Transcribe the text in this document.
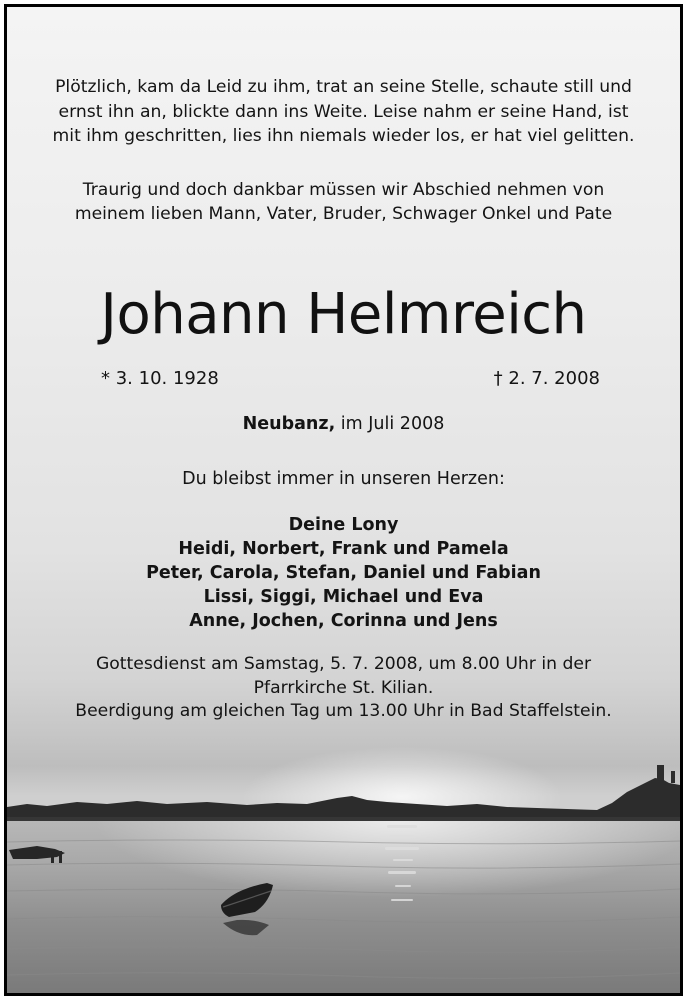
Plötzlich, kam da Leid zu ihm, trat an seine Stelle, schaute still und
ernst ihn an, blickte dann ins Weite. Leise nahm er seine Hand, ist
mit ihm geschritten, lies ihn niemals wieder los, er hat viel gelitten.
Traurig und doch dankbar müssen wir Abschied nehmen von
meinem lieben Mann, Vater, Bruder, Schwager Onkel und Pate
Johann Helmreich
* 3. 10. 1928	† 2. 7. 2008
Neubanz, im Juli 2008
Du bleibst immer in unseren Herzen:
Deine Lony
Heidi, Norbert, Frank und Pamela
Peter, Carola, Stefan, Daniel und Fabian
Lissi, Siggi, Michael und Eva
Anne, Jochen, Corinna und Jens
Gottesdienst am Samstag, 5. 7. 2008, um 8.00 Uhr in der
Pfarrkirche St. Kilian.
Beerdigung am gleichen Tag um 13.00 Uhr in Bad Staffelstein.
